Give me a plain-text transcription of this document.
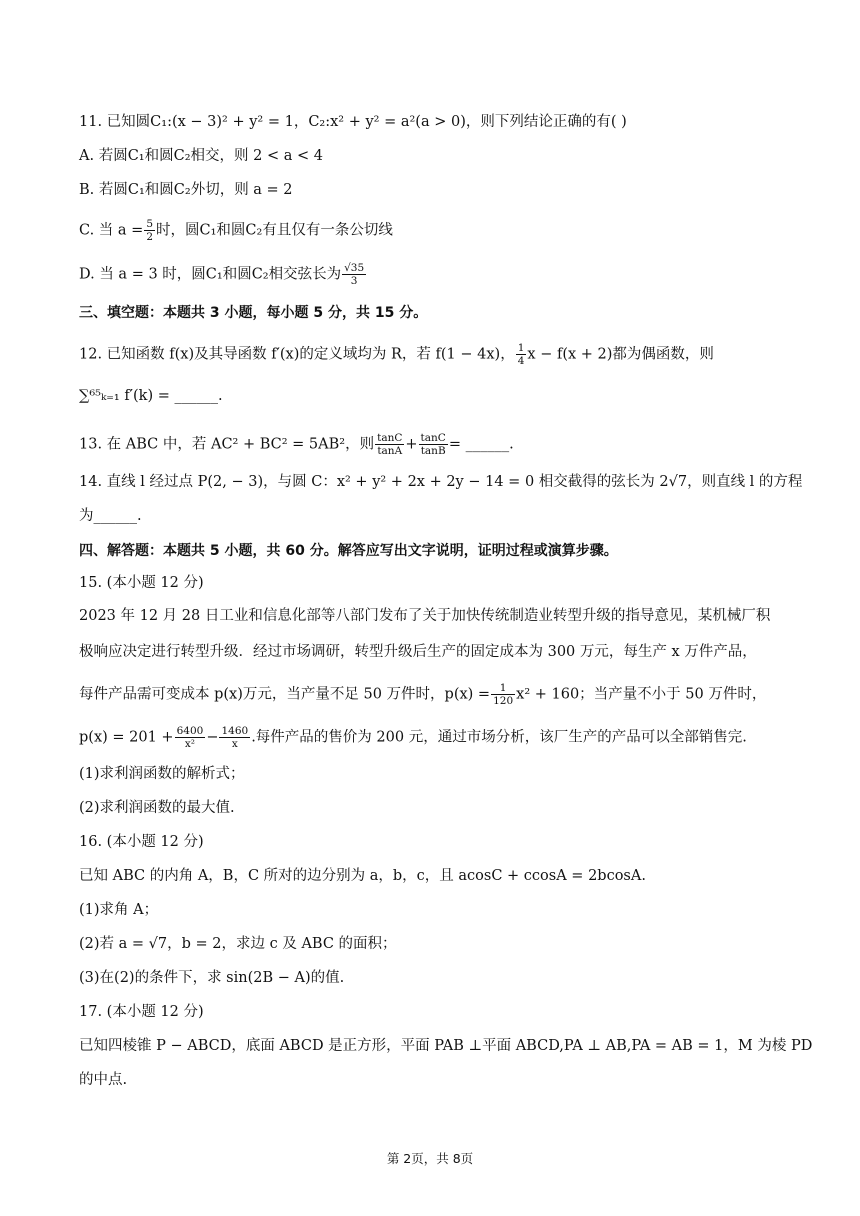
11. 已知圆C₁:(x − 3)² + y² = 1，C₂:x² + y² = a²(a > 0)，则下列结论正确的有( )
A. 若圆C₁和圆C₂相交，则 2 < a < 4
B. 若圆C₁和圆C₂外切，则 a = 2
C. 当 $a = \frac{5}{2}$ 时，圆C₁和圆C₂有且仅有一条公切线
D. 当 a = 3 时，圆C₁和圆C₂相交弦长为 $\frac{√35}{3}$
三、填空题：本题共 3 小题，每小题 5 分，共 15 分。
12. 已知函数 f(x)及其导函数 f′(x)的定义域均为 R，若 f(1 − 4x)， $\frac{1}{4}$ x − f(x + 2)都为偶函数，则
∑⁶⁵ₖ₌₁ f′(k) = ______.
13. 在 ABC 中，若 AC² + BC² = 5AB²，则 $\frac{\tan C}{\tan A} + \frac{\tan C}{\tan B}$ = ______.
14. 直线 l 经过点 P(2, − 3)，与圆 C：x² + y² + 2x + 2y − 14 = 0 相交截得的弦长为 2√7，则直线 l 的方程
为______.
四、解答题：本题共 5 小题，共 60 分。解答应写出文字说明，证明过程或演算步骤。
15. (本小题 12 分)
2023 年 12 月 28 日工业和信息化部等八部门发布了关于加快传统制造业转型升级的指导意见，某机械厂积
极响应决定进行转型升级．经过市场调研，转型升级后生产的固定成本为 300 万元，每生产 x 万件产品，
每件产品需可变成本 p(x)万元，当产量不足 50 万件时，$p(x) = \frac{1}{120} x^2 + 160$；当产量不小于 50 万件时，
$p(x) = 201 + \frac{6400}{\text{x²}} - \frac{1460}{x}$ .每件产品的售价为 200 元，通过市场分析，该厂生产的产品可以全部销售完.
(1)求利润函数的解析式；
(2)求利润函数的最大值.
16. (本小题 12 分)
已知 ABC 的内角 A，B，C 所对的边分别为 a，b，c，且 acosC + ccosA = 2bcosA.
(1)求角 A；
(2)若 a = √7，b = 2，求边 c 及 ABC 的面积；
(3)在(2)的条件下，求 sin(2B − A)的值.
17. (本小题 12 分)
已知四棱锥 P − ABCD，底面 ABCD 是正方形，平面 PAB ⊥平面 ABCD,PA ⊥ AB,PA = AB = 1，M 为棱 PD
的中点.
第 2页，共 8页
